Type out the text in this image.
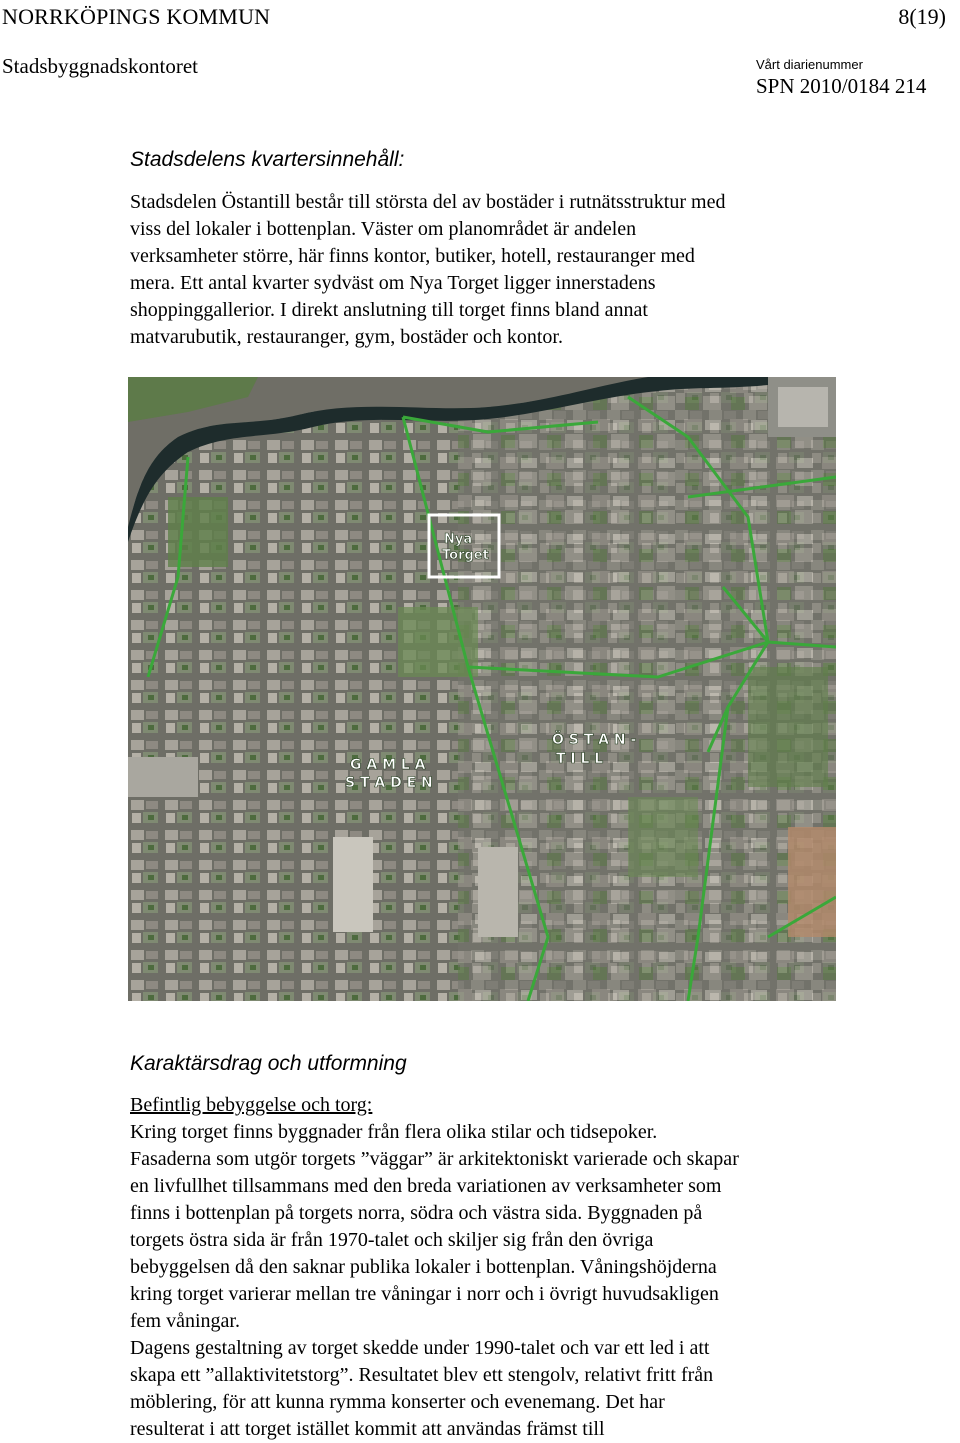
NORRKÖPINGS KOMMUN	8(19)
Stadsbyggnadskontoret	Vårt diarienummer
SPN 2010/0184 214
Stadsdelens kvartersinnehåll:
Stadsdelen Östantill består till största del av bostäder i rutnätsstruktur med
viss del lokaler i bottenplan. Väster om planområdet är andelen
verksamheter större, här finns kontor, butiker, hotell, restauranger med
mera. Ett antal kvarter sydväst om Nya Torget ligger innerstadens
shoppinggallerior. I direkt anslutning till torget finns bland annat
matvarubutik, restauranger, gym, bostäder och kontor.
Nya
Torget
G A M L A
S T A D E N
Ö S T A N -
T I L L
Karaktärsdrag och utformning
Befintlig bebyggelse och torg:
Kring torget finns byggnader från flera olika stilar och tidsepoker.
Fasaderna som utgör torgets ”väggar” är arkitektoniskt varierade och skapar
en livfullhet tillsammans med den breda variationen av verksamheter som
finns i bottenplan på torgets norra, södra och västra sida. Byggnaden på
torgets östra sida är från 1970-talet och skiljer sig från den övriga
bebyggelsen då den saknar publika lokaler i bottenplan. Våningshöjderna
kring torget varierar mellan tre våningar i norr och i övrigt huvudsakligen
fem våningar.
Dagens gestaltning av torget skedde under 1990-talet och var ett led i att
skapa ett ”allaktivitetstorg”. Resultatet blev ett stengolv, relativt fritt från
möblering, för att kunna rymma konserter och evenemang. Det har
resulterat i att torget istället kommit att användas främst till
